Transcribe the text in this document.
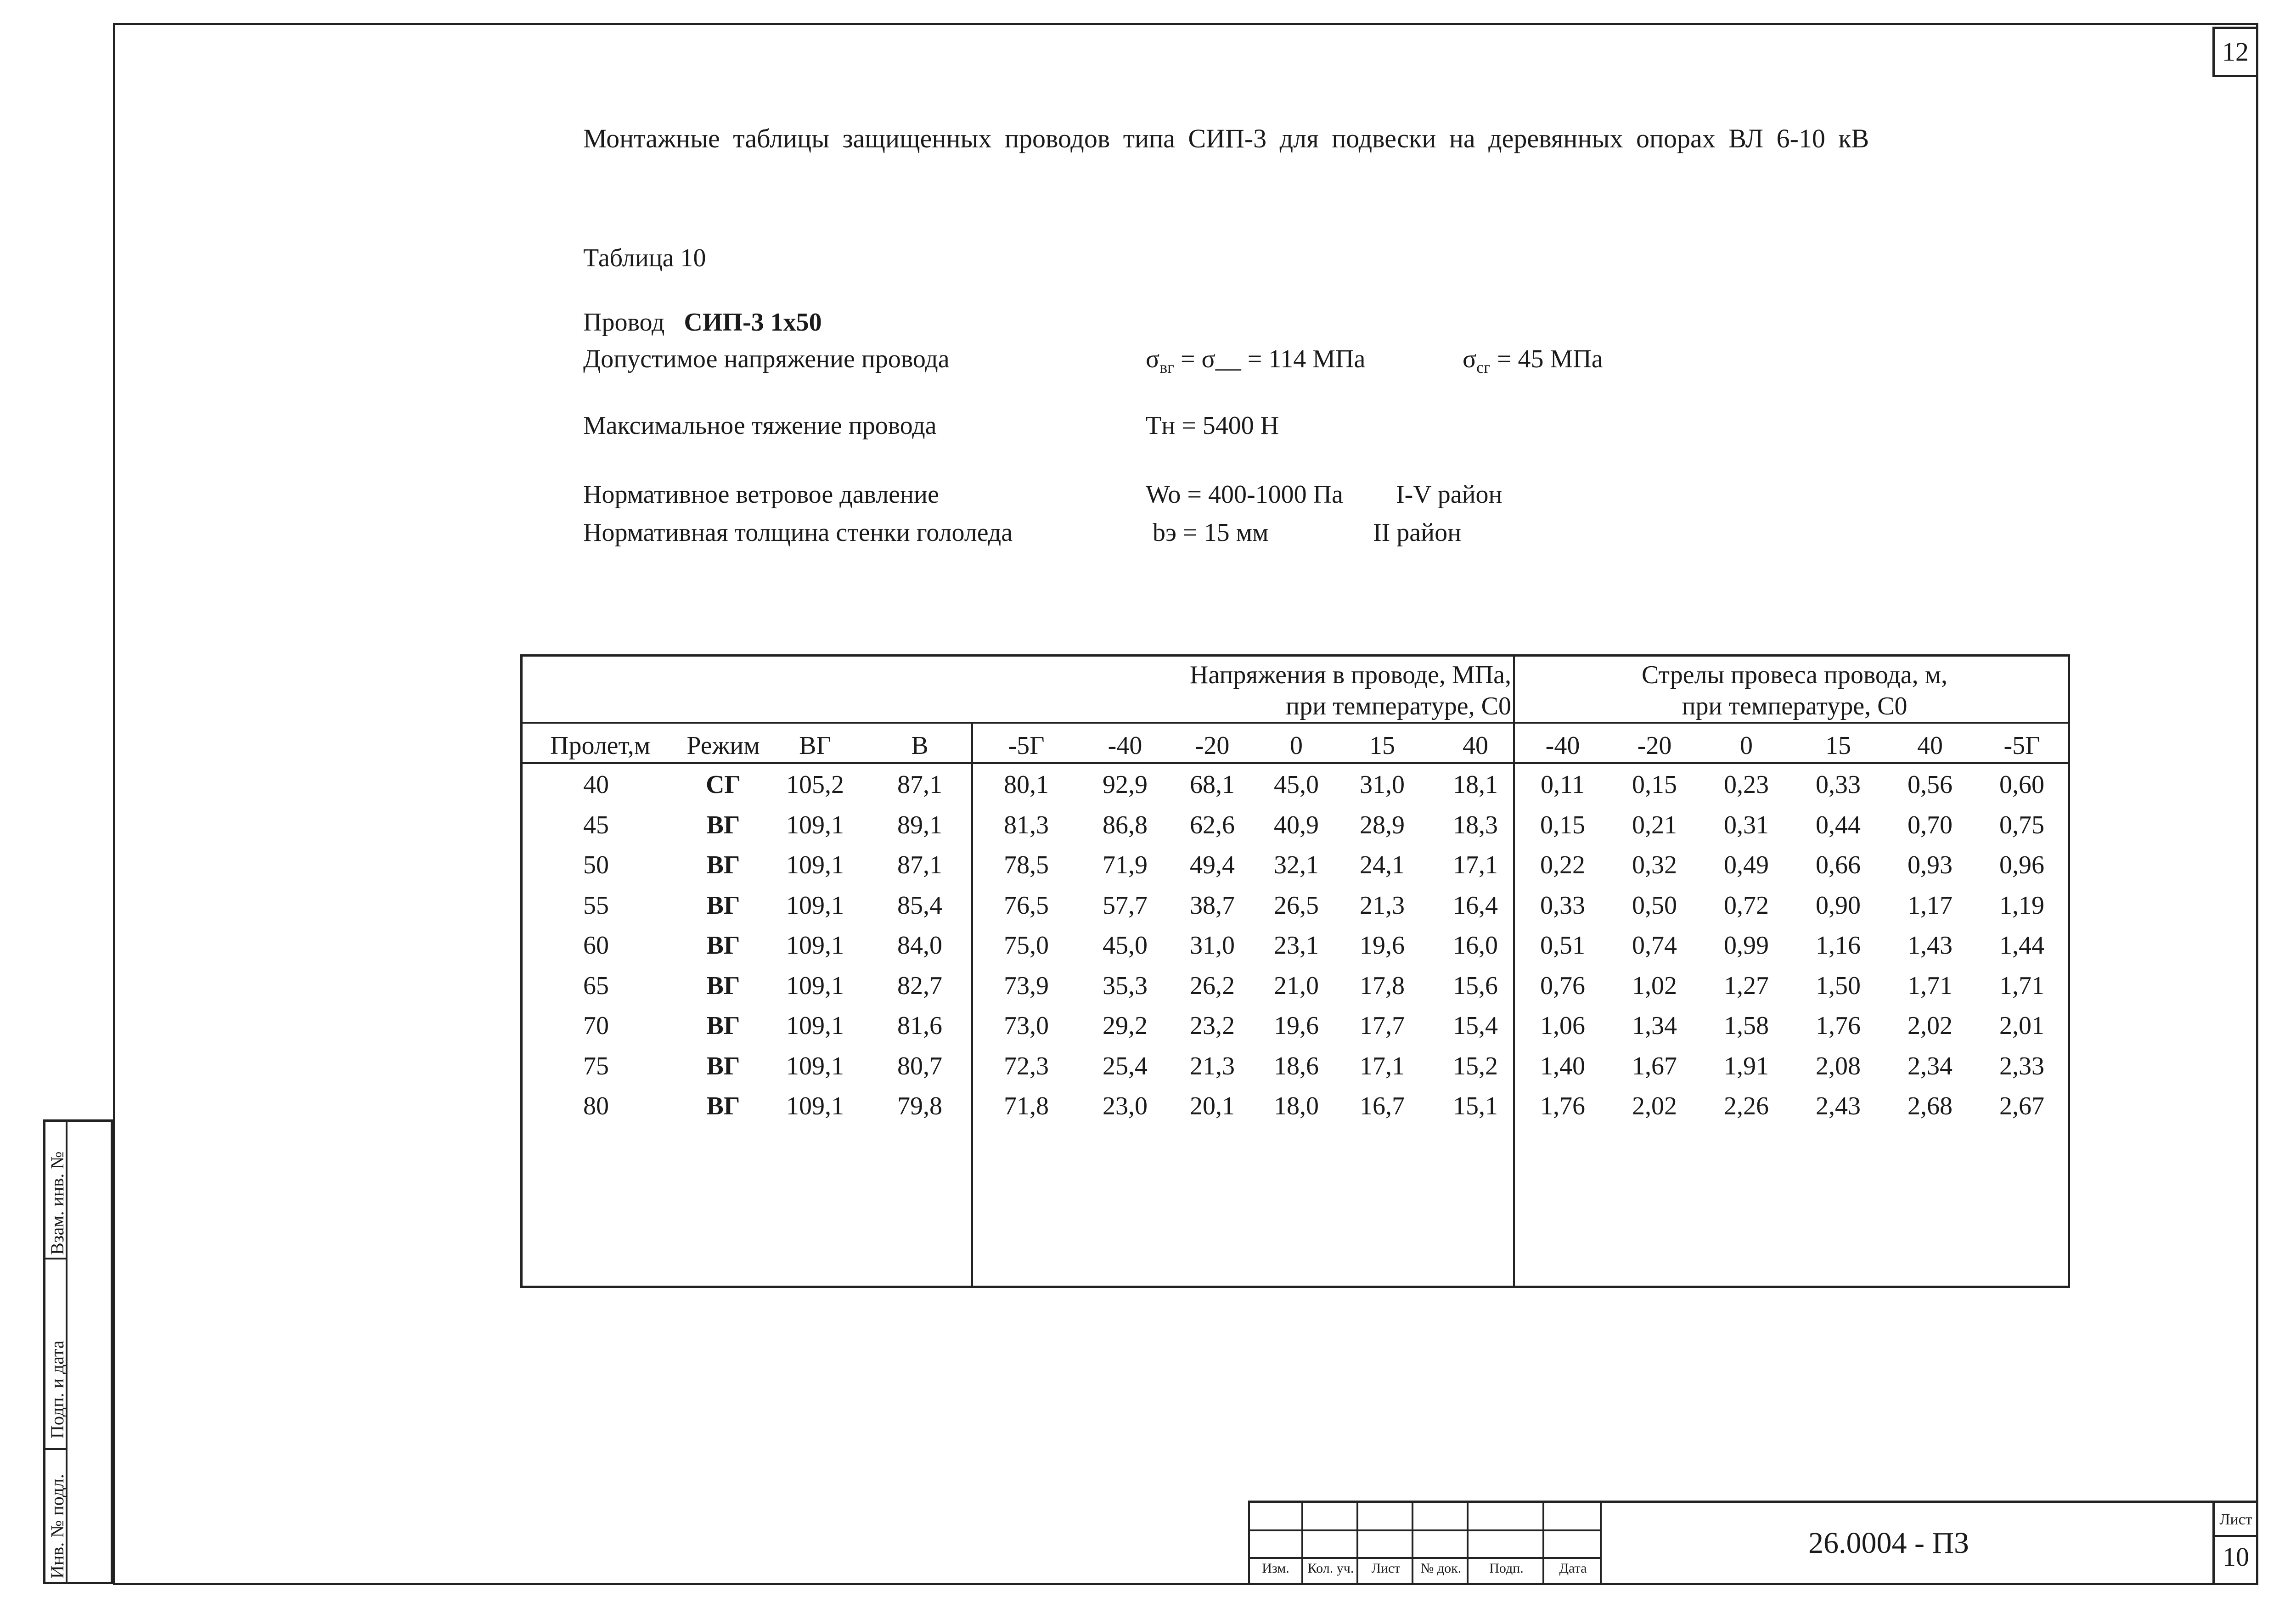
12
Монтажные таблицы защищенных проводов типа СИП-3 для подвески на деревянных опорах ВЛ 6-10 кВ
Таблица 10
Провод СИП-3 1х50
Допустимое напряжение провода	$\sigma_{вг}$ = σ__ = 114 МПа	$\sigma_{сг} = 45$ МПа
Максимальное тяжение провода	Тн = 5400 Н
Нормативное ветровое давление	Wo = 400-1000 Па I-V район
Нормативная толщина стенки гололеда	bэ = 15 мм	II район
Напряжения в проводе, МПа,
при температуре, С0
Стрелы провеса провода, м,
при температуре, С0
Пролет,м	Режим	ВГ	В	-5Г	-40	-20	0	15	40	-40	-20	0	15	40	-5Г
40	СГ	105,2	87,1	80,1	92,9	68,1	45,0	31,0	18,1	0,11	0,15	0,23	0,33	0,56	0,60
45	ВГ	109,1	89,1	81,3	86,8	62,6	40,9	28,9	18,3	0,15	0,21	0,31	0,44	0,70	0,75
50	ВГ	109,1	87,1	78,5	71,9	49,4	32,1	24,1	17,1	0,22	0,32	0,49	0,66	0,93	0,96
55	ВГ	109,1	85,4	76,5	57,7	38,7	26,5	21,3	16,4	0,33	0,50	0,72	0,90	1,17	1,19
60	ВГ	109,1	84,0	75,0	45,0	31,0	23,1	19,6	16,0	0,51	0,74	0,99	1,16	1,43	1,44
65	ВГ	109,1	82,7	73,9	35,3	26,2	21,0	17,8	15,6	0,76	1,02	1,27	1,50	1,71	1,71
70	ВГ	109,1	81,6	73,0	29,2	23,2	19,6	17,7	15,4	1,06	1,34	1,58	1,76	2,02	2,01
75	ВГ	109,1	80,7	72,3	25,4	21,3	18,6	17,1	15,2	1,40	1,67	1,91	2,08	2,34	2,33
80	ВГ	109,1	79,8	71,8	23,0	20,1	18,0	16,7	15,1	1,76	2,02	2,26	2,43	2,68	2,67
Взам. инв. №
Подп. и дата
Инв. № подл.	Изм.	Кол. уч.	Лист	№ док.	Подп.	Дата
26.0004 - ПЗ
Лист
10
